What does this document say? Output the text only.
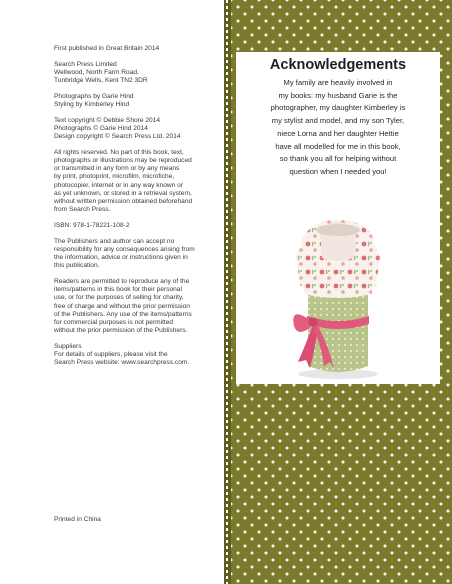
First published in Great Britain 2014

Search Press Limited
Wellwood, North Farm Road,
Tunbridge Wells, Kent TN2 3DR

Photographs by Garie Hind
Styling by Kimberley Hind

Text copyright © Debbie Shore 2014
Photographs © Garie Hind 2014
Design copyright © Search Press Ltd. 2014

All rights reserved. No part of this book, text,
photographs or illustrations may be reproduced
or transmitted in any form or by any means
by print, photoprint, microfilm, microfiche,
photocopier, internet or in any way known or
as yet unknown, or stored in a retrieval system,
without written permission obtained beforehand
from Search Press.

ISBN: 978-1-78221-108-2

The Publishers and author can accept no
responsibility for any consequences arising from
the information, advice or instructions given in
this publication.

Readers are permitted to reproduce any of the
items/patterns in this book for their personal
use, or for the purposes of selling for charity,
free of charge and without the prior permission
of the Publishers. Any use of the items/patterns
for commercial purposes is not permitted
without the prior permission of the Publishers.

Suppliers
For details of suppliers, please visit the
Search Press website: www.searchpress.com.

Printed in China
Acknowledgements

My family are heavily involved in
my books: my husband Garie is the
photographer, my daughter Kimberley is
my stylist and model, and my son Tyler,
niece Lorna and her daughter Hettie
have all modelled for me in this book,
so thank you all for helping without
question when I needed you!
